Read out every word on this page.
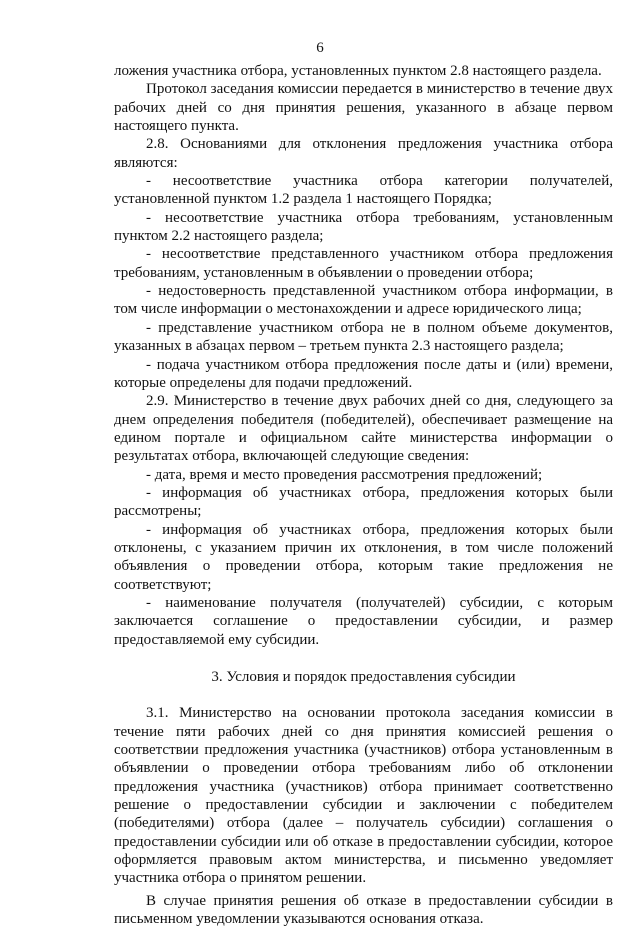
6

ложения участника отбора, установленных пунктом 2.8 настоящего раздела.

Протокол заседания комиссии передается в министерство в течение двух рабочих дней со дня принятия решения, указанного в абзаце первом настоящего пункта.

2.8. Основаниями для отклонения предложения участника отбора являются:

- несоответствие участника отбора категории получателей, установленной пунктом 1.2 раздела 1 настоящего Порядка;

- несоответствие участника отбора требованиям, установленным пунктом 2.2 настоящего раздела;

- несоответствие представленного участником отбора предложения требованиям, установленным в объявлении о проведении отбора;

- недостоверность представленной участником отбора информации, в том числе информации о местонахождении и адресе юридического лица;

- представление участником отбора не в полном объеме документов, указанных в абзацах первом – третьем пункта 2.3 настоящего раздела;

- подача участником отбора предложения после даты и (или) времени, которые определены для подачи предложений.

2.9. Министерство в течение двух рабочих дней со дня, следующего за днем определения победителя (победителей), обеспечивает размещение на едином портале и официальном сайте министерства информации о результатах отбора, включающей следующие сведения:

- дата, время и место проведения рассмотрения предложений;

- информация об участниках отбора, предложения которых были рассмотрены;

- информация об участниках отбора, предложения которых были отклонены, с указанием причин их отклонения, в том числе положений объявления о проведении отбора, которым такие предложения не соответствуют;

- наименование получателя (получателей) субсидии, с которым заключается соглашение о предоставлении субсидии, и размер предоставляемой ему субсидии.

3. Условия и порядок предоставления субсидии

3.1. Министерство на основании протокола заседания комиссии в течение пяти рабочих дней со дня принятия комиссией решения о соответствии предложения участника (участников) отбора установленным в объявлении о проведении отбора требованиям либо об отклонении предложения участника (участников) отбора принимает соответственно решение о предоставлении субсидии и заключении с победителем (победителями) отбора (далее – получатель субсидии) соглашения о предоставлении субсидии или об отказе в предоставлении субсидии, которое оформляется правовым актом министерства, и письменно уведомляет участника отбора о принятом решении.

В случае принятия решения об отказе в предоставлении субсидии в письменном уведомлении указываются основания отказа.
